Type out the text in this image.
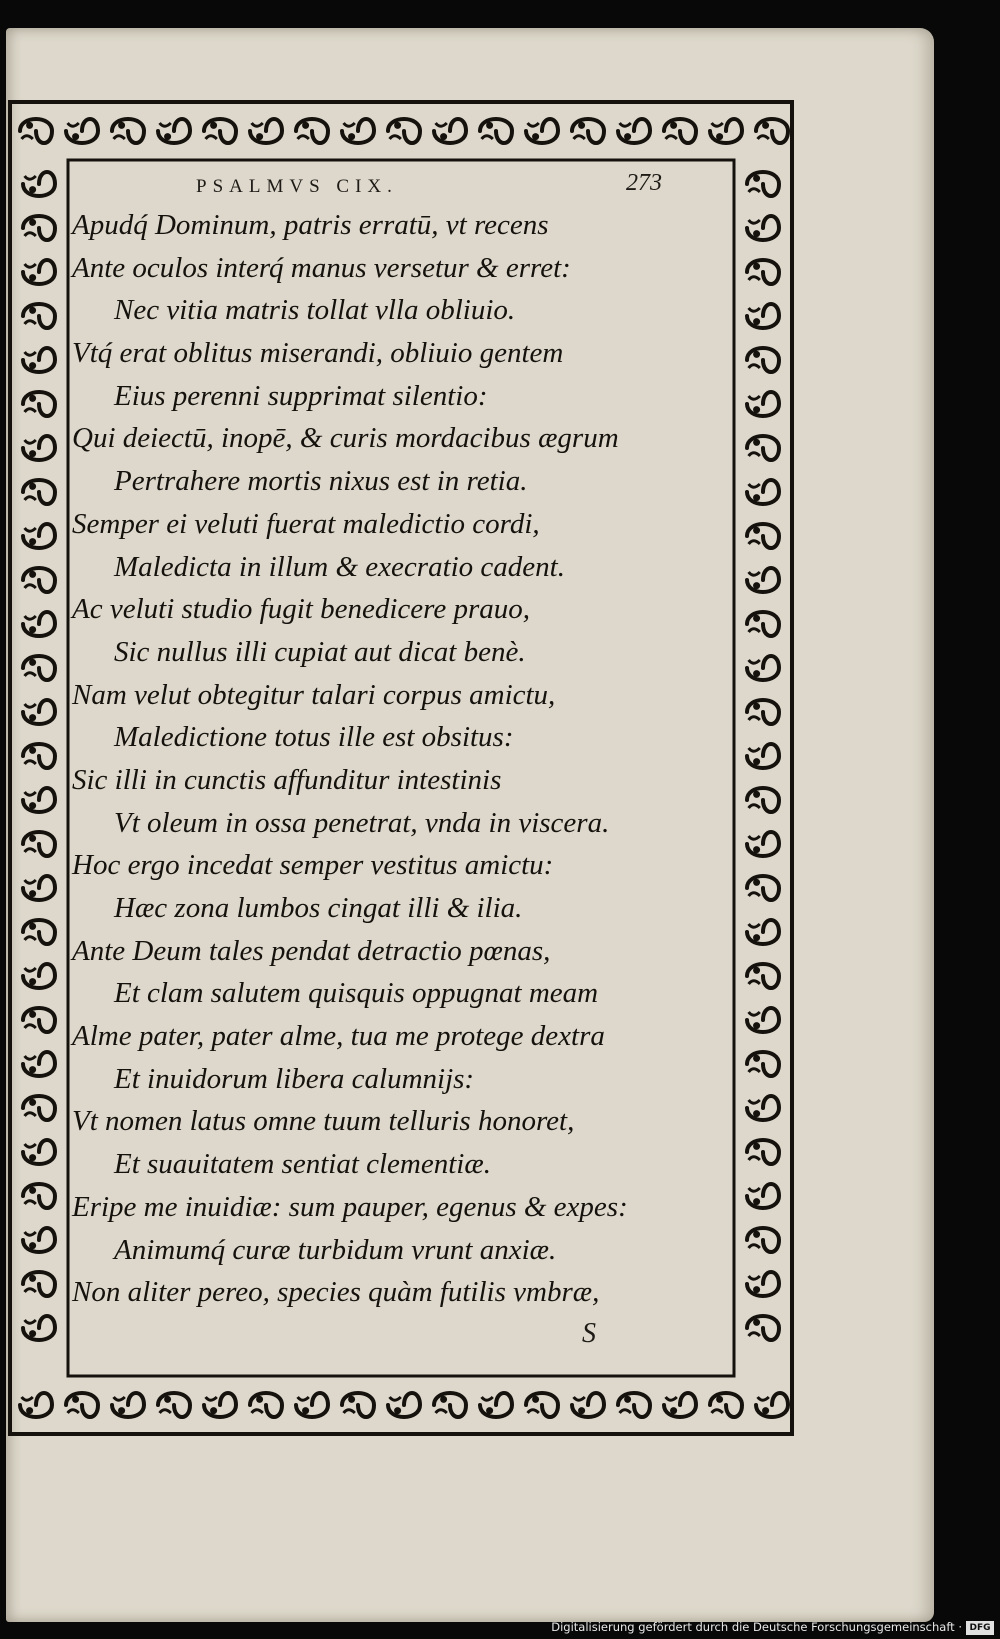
PSALMVS CIX.	273
Apudq́ Dominum, patris erratū, vt recens
Ante oculos interq́ manus versetur & erret:
Nec vitia matris tollat vlla obliuio.
Vtq́ erat oblitus miserandi, obliuio gentem
Eius perenni supprimat silentio:
Qui deiectū, inopē, & curis mordacibus ægrum
Pertrahere mortis nixus est in retia.
Semper ei veluti fuerat maledictio cordi,
Maledicta in illum & execratio cadent.
Ac veluti studio fugit benedicere prauo,
Sic nullus illi cupiat aut dicat benè.
Nam velut obtegitur talari corpus amictu,
Maledictione totus ille est obsitus:
Sic illi in cunctis affunditur intestinis
Vt oleum in ossa penetrat, vnda in viscera.
Hoc ergo incedat semper vestitus amictu:
Hæc zona lumbos cingat illi & ilia.
Ante Deum tales pendat detractio pœnas,
Et clam salutem quisquis oppugnat meam
Alme pater, pater alme, tua me protege dextra
Et inuidorum libera calumnijs:
Vt nomen latus omne tuum telluris honoret,
Et suauitatem sentiat clementiæ.
Eripe me inuidiæ: sum pauper, egenus & expes:
Animumq́ curæ turbidum vrunt anxiæ.
Non aliter pereo, species quàm futilis vmbræ,
S
Digitalisierung gefördert durch die Deutsche Forschungsgemeinschaft · DFG
